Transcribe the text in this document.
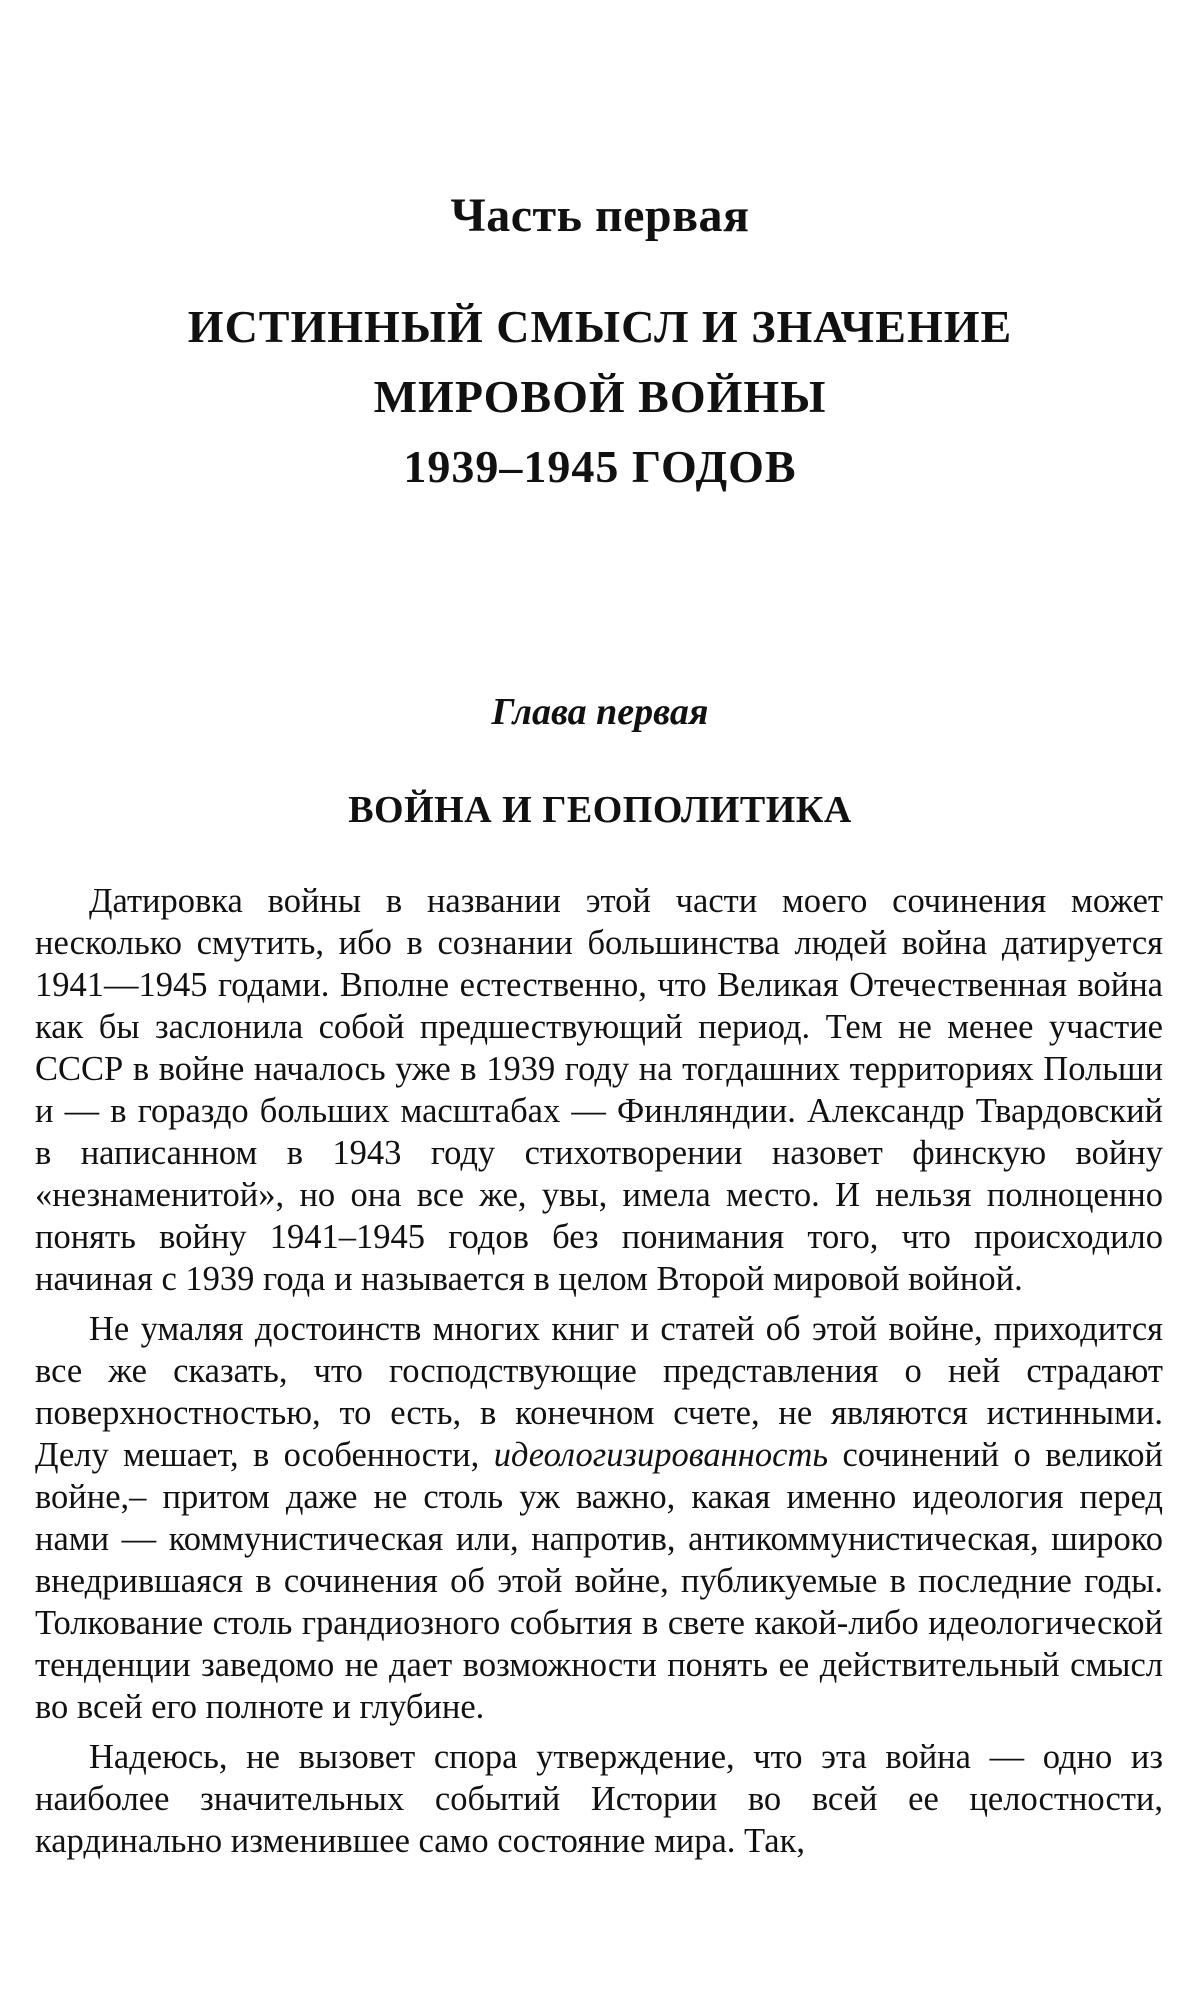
Часть первая
ИСТИННЫЙ СМЫСЛ И ЗНАЧЕНИЕ
МИРОВОЙ ВОЙНЫ
1939–1945 ГОДОВ
Глава первая
ВОЙНА И ГЕОПОЛИТИКА

Датировка войны в названии этой части моего сочинения может несколько смутить, ибо в сознании большинства людей война датируется 1941—1945 годами. Вполне естественно, что Великая Отечественная война как бы заслонила собой предшествующий период. Тем не менее участие СССР в войне началось уже в 1939 году на тогдашних территориях Польши и — в гораздо больших масштабах — Финляндии. Александр Твардовский в написанном в 1943 году стихотворении назовет финскую войну «незнаменитой», но она все же, увы, имела место. И нельзя полноценно понять войну 1941–1945 годов без понимания того, что происходило начиная с 1939 года и называется в целом Второй мировой войной.

Не умаляя достоинств многих книг и статей об этой войне, приходится все же сказать, что господствующие представления о ней страдают поверхностностью, то есть, в конечном счете, не являются истинными. Делу мешает, в особенности, идеологизированность сочинений о великой войне,– притом даже не столь уж важно, какая именно идеология перед нами — коммунистическая или, напротив, антикоммунистическая, широко внедрившаяся в сочинения об этой войне, публикуемые в последние годы. Толкование столь грандиозного события в свете какой-либо идеологической тенденции заведомо не дает возможности понять ее действительный смысл во всей его полноте и глубине.

Надеюсь, не вызовет спора утверждение, что эта война — одно из наиболее значительных событий Истории во всей ее целостности, кардинально изменившее само состояние мира. Так,
